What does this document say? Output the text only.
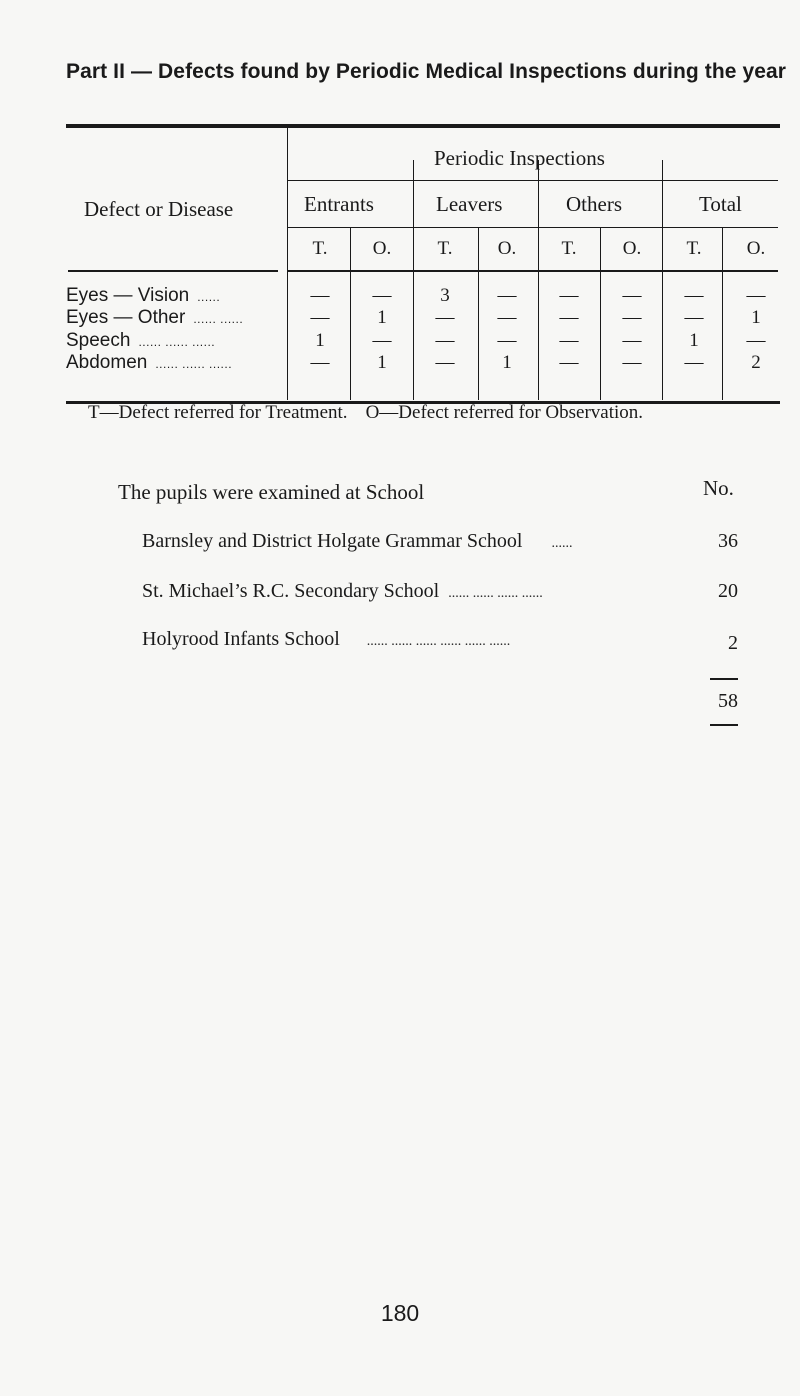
Part II — Defects found by Periodic Medical Inspections during the year
Defect or Disease
Periodic Inspections
Entrants	Leavers	Others	Total
T.	O.	T.	O.	T.	O.	T.	O.
Eyes — Vision ......	—	—	3	—	—	—	—	—
Eyes — Other ...... ......	—	1	—	—	—	—	—	1
Speech ...... ...... ......	1	—	—	—	—	—	1	—
Abdomen ...... ...... ......	—	1	—	1	—	—	—	2
T—Defect referred for Treatment. O—Defect referred for Observation.
The pupils were examined at School	No.
Barnsley and District Holgate Grammar School ......	36
St. Michael’s R.C. Secondary School ...... ...... ...... ......	20
Holyrood Infants School ...... ...... ...... ...... ...... ......	2
58
180
